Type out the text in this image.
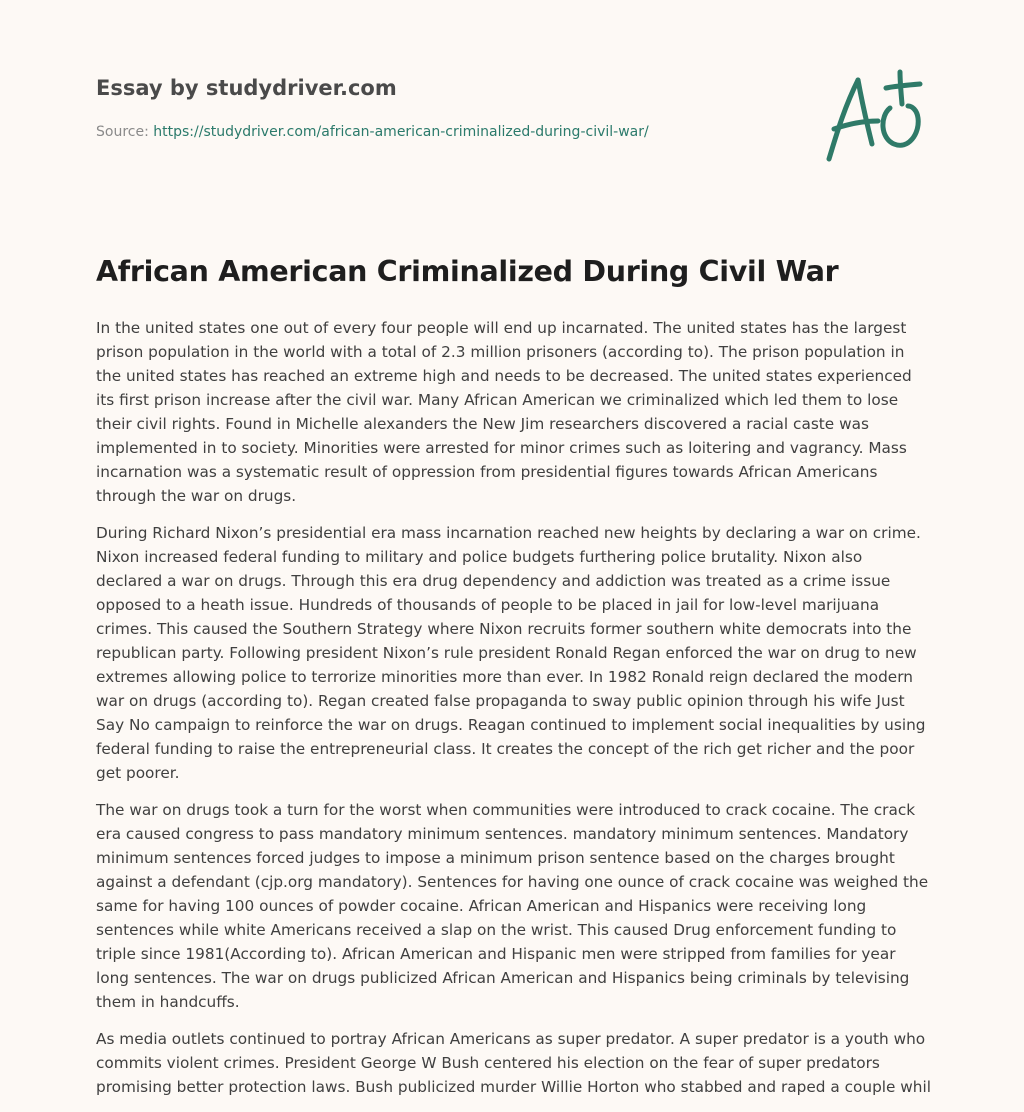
Essay by studydriver.com
Source: https://studydriver.com/african-american-criminalized-during-civil-war/
African American Criminalized During Civil War

In the united states one out of every four people will end up incarnated. The united states has the largest prison population in the world with a total of 2.3 million prisoners (according to). The prison population in the united states has reached an extreme high and needs to be decreased. The united states experienced its first prison increase after the civil war. Many African American we criminalized which led them to lose their civil rights. Found in Michelle alexanders the New Jim researchers discovered a racial caste was implemented in to society. Minorities were arrested for minor crimes such as loitering and vagrancy. Mass incarnation was a systematic result of oppression from presidential figures towards African Americans through the war on drugs.

During Richard Nixon’s presidential era mass incarnation reached new heights by declaring a war on crime. Nixon increased federal funding to military and police budgets furthering police brutality. Nixon also declared a war on drugs. Through this era drug dependency and addiction was treated as a crime issue opposed to a heath issue. Hundreds of thousands of people to be placed in jail for low-level marijuana crimes. This caused the Southern Strategy where Nixon recruits former southern white democrats into the republican party. Following president Nixon’s rule president Ronald Regan enforced the war on drug to new extremes allowing police to terrorize minorities more than ever. In 1982 Ronald reign declared the modern war on drugs (according to). Regan created false propaganda to sway public opinion through his wife Just Say No campaign to reinforce the war on drugs. Reagan continued to implement social inequalities by using federal funding to raise the entrepreneurial class. It creates the concept of the rich get richer and the poor get poorer.

The war on drugs took a turn for the worst when communities were introduced to crack cocaine. The crack era caused congress to pass mandatory minimum sentences. mandatory minimum sentences. Mandatory minimum sentences forced judges to impose a minimum prison sentence based on the charges brought against a defendant (cjp.org mandatory). Sentences for having one ounce of crack cocaine was weighed the same for having 100 ounces of powder cocaine. African American and Hispanics were receiving long sentences while white Americans received a slap on the wrist. This caused Drug enforcement funding to triple since 1981(According to). African American and Hispanic men were stripped from families for year long sentences. The war on drugs publicized African American and Hispanics being criminals by televising them in handcuffs.

As media outlets continued to portray African Americans as super predator. A super predator is a youth who commits violent crimes. President George W Bush centered his election on the fear of super predators promising better protection laws. Bush publicized murder Willie Horton who stabbed and raped a couple whil
